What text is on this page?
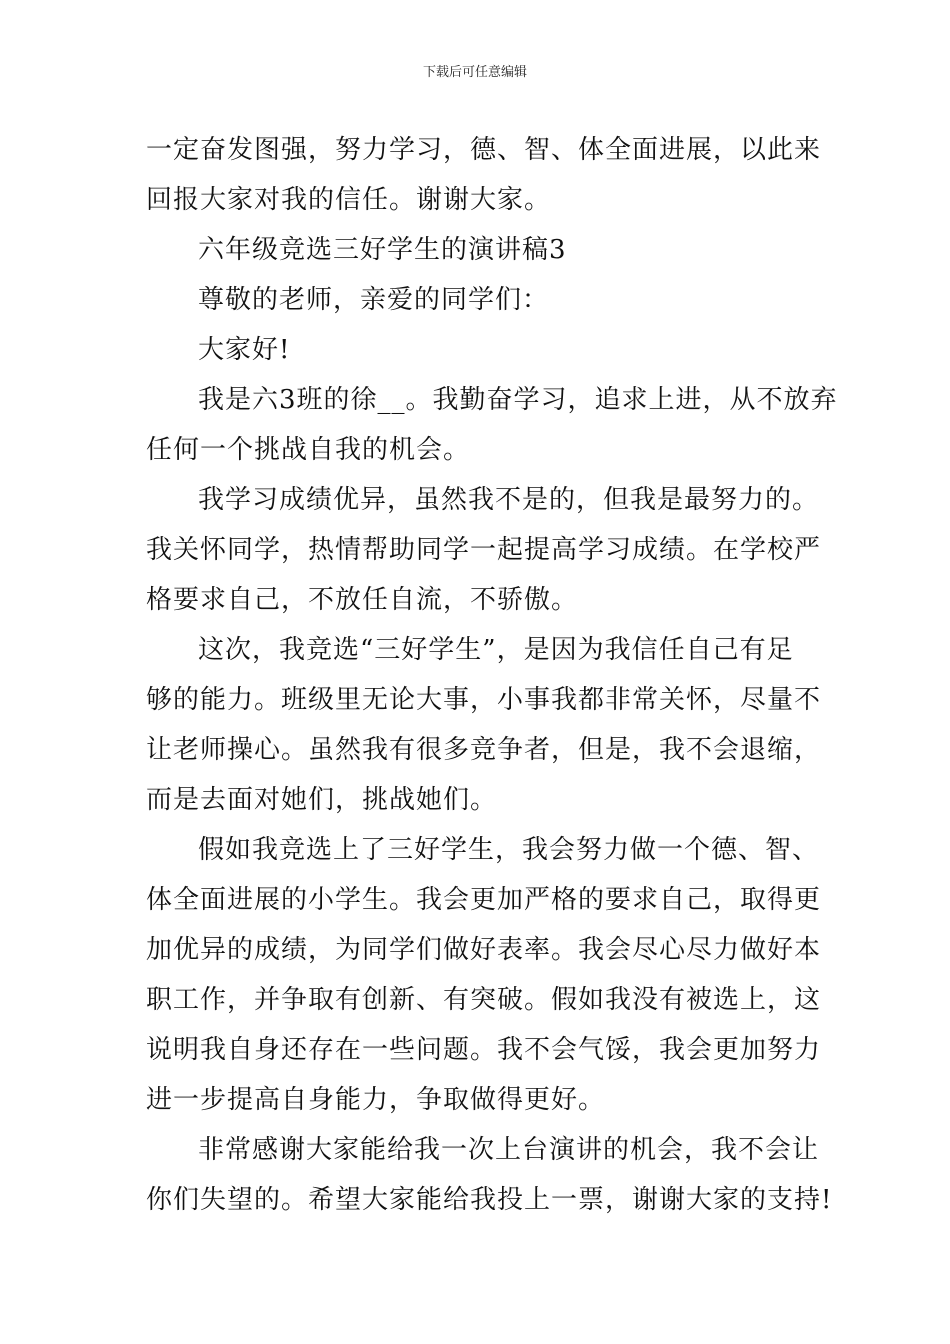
下载后可任意编辑

一定奋发图强，努力学习，德、智、体全面进展，以此来
回报大家对我的信任。谢谢大家。

六年级竞选三好学生的演讲稿3

尊敬的老师，亲爱的同学们：

大家好!

我是六3班的徐__。我勤奋学习，追求上进，从不放弃
任何一个挑战自我的机会。

我学习成绩优异，虽然我不是的，但我是最努力的。
我关怀同学，热情帮助同学一起提高学习成绩。在学校严
格要求自己，不放任自流，不骄傲。

这次，我竞选“三好学生”，是因为我信任自己有足
够的能力。班级里无论大事，小事我都非常关怀，尽量不
让老师操心。虽然我有很多竞争者，但是，我不会退缩，
而是去面对她们，挑战她们。

假如我竞选上了三好学生，我会努力做一个德、智、
体全面进展的小学生。我会更加严格的要求自己，取得更
加优异的成绩，为同学们做好表率。我会尽心尽力做好本
职工作，并争取有创新、有突破。假如我没有被选上，这
说明我自身还存在一些问题。我不会气馁，我会更加努力
进一步提高自身能力，争取做得更好。

非常感谢大家能给我一次上台演讲的机会，我不会让
你们失望的。希望大家能给我投上一票，谢谢大家的支持!
